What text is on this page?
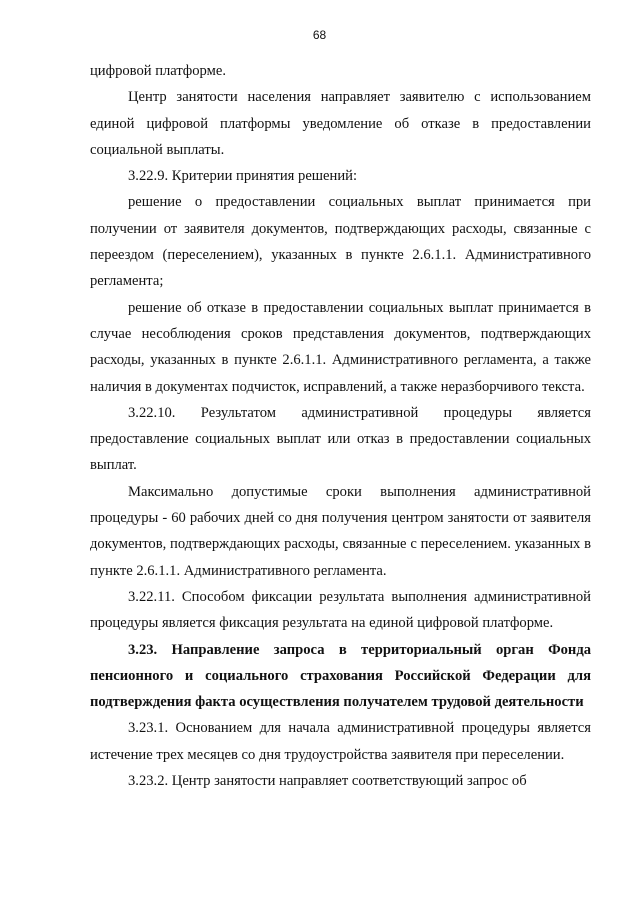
68

цифровой платформе.

Центр занятости населения направляет заявителю с использованием единой цифровой платформы уведомление об отказе в предоставлении социальной выплаты.

3.22.9. Критерии принятия решений:

решение о предоставлении социальных выплат принимается при получении от заявителя документов, подтверждающих расходы, связанные с переездом (переселением), указанных в пункте 2.6.1.1. Административного регламента;

решение об отказе в предоставлении социальных выплат принимается в случае несоблюдения сроков представления документов, подтверждающих расходы, указанных в пункте 2.6.1.1. Административного регламента, а также наличия в документах подчисток, исправлений, а также неразборчивого текста.

3.22.10. Результатом административной процедуры является предоставление социальных выплат или отказ в предоставлении социальных выплат.

Максимально допустимые сроки выполнения административной процедуры - 60 рабочих дней со дня получения центром занятости от заявителя документов, подтверждающих расходы, связанные с переселением. указанных в пункте 2.6.1.1. Административного регламента.

3.22.11. Способом фиксации результата выполнения административной процедуры является фиксация результата на единой цифровой платформе.

3.23. Направление запроса в территориальный орган Фонда пенсионного и социального страхования Российской Федерации для подтверждения факта осуществления получателем трудовой деятельности

3.23.1. Основанием для начала административной процедуры является истечение трех месяцев со дня трудоустройства заявителя при переселении.

3.23.2. Центр занятости направляет соответствующий запрос об
